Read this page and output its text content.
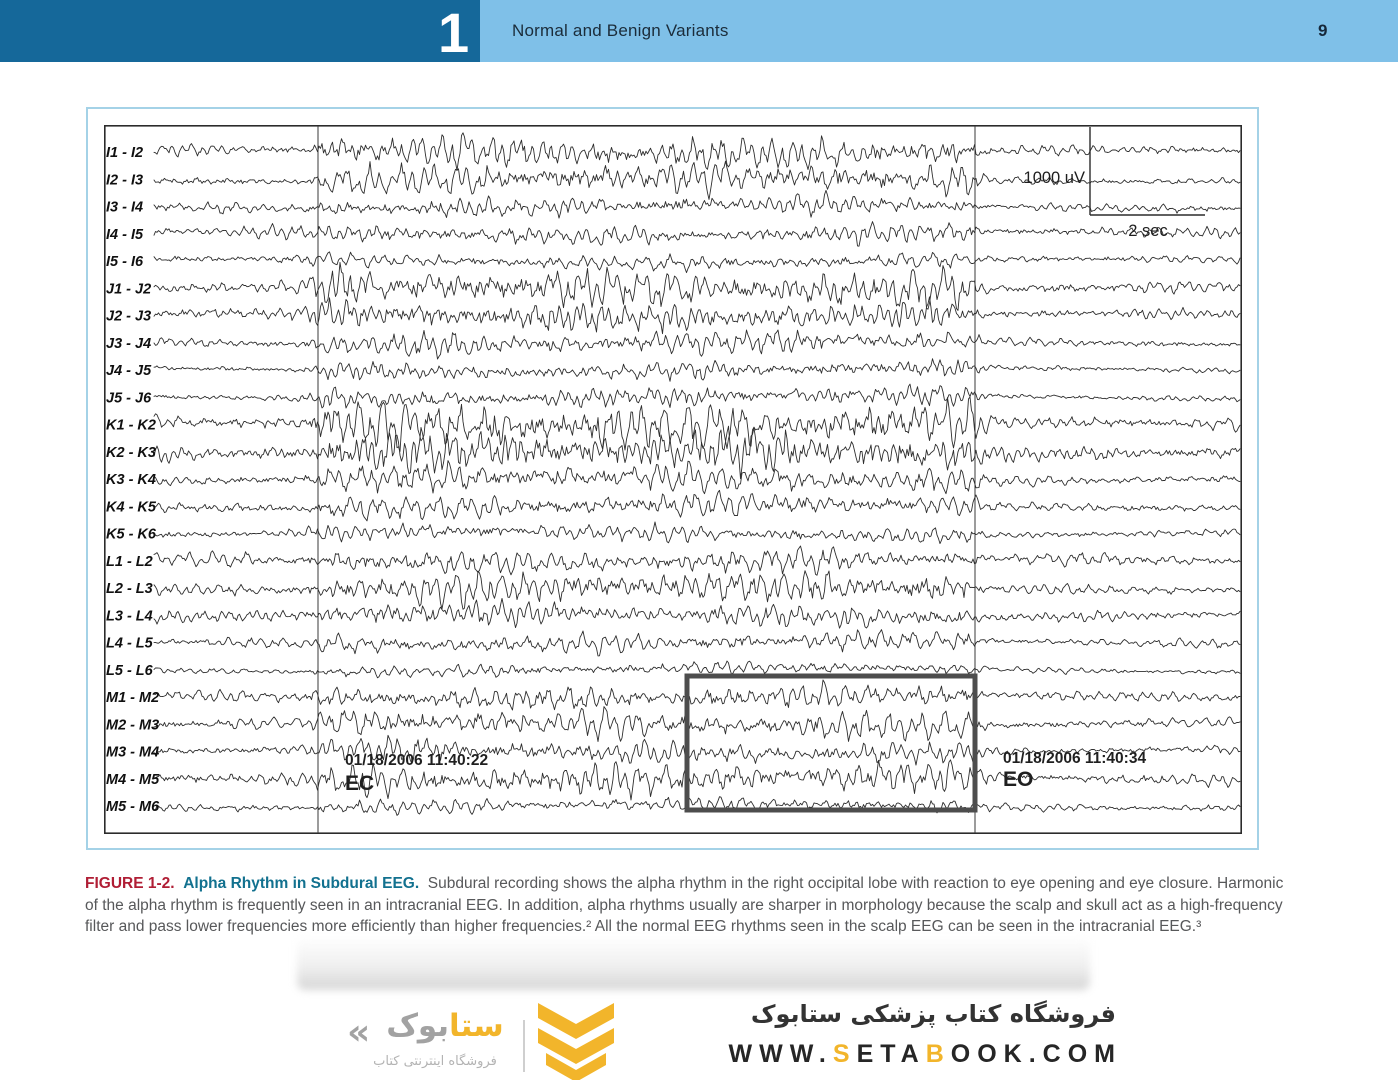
1	Normal and Benign Variants	9
I1 - I2
I2 - I3
I3 - I4
I4 - I5
I5 - I6
J1 - J2
J2 - J3
J3 - J4
J4 - J5
J5 - J6
K1 - K2
K2 - K3
K3 - K4
K4 - K5
K5 - K6
L1 - L2
L2 - L3
L3 - L4
L4 - L5
L5 - L6
M1 - M2
M2 - M3
M3 - M4
M4 - M5
M5 - M6
1000 uV
2 sec
01/18/2006 11:40:22
EC
01/18/2006 11:40:34
EO
FIGURE 1-2. Alpha Rhythm in Subdural EEG. Subdural recording shows the alpha rhythm in the right occipital lobe with reaction to eye opening and eye closure. Harmonic
of the alpha rhythm is frequently seen in an intracranial EEG. In addition, alpha rhythms usually are sharper in morphology because the scalp and skull act as a high-frequency
filter and pass lower frequencies more efficiently than higher frequencies.² All the normal EEG rhythms seen in the scalp EEG can be seen in the intracranial EEG.³
«	ستابوک
فروشگاه اینترنتی کتاب
فروشگاه کتاب پزشکی ستابوک
WWW.SETABOOK.COM
